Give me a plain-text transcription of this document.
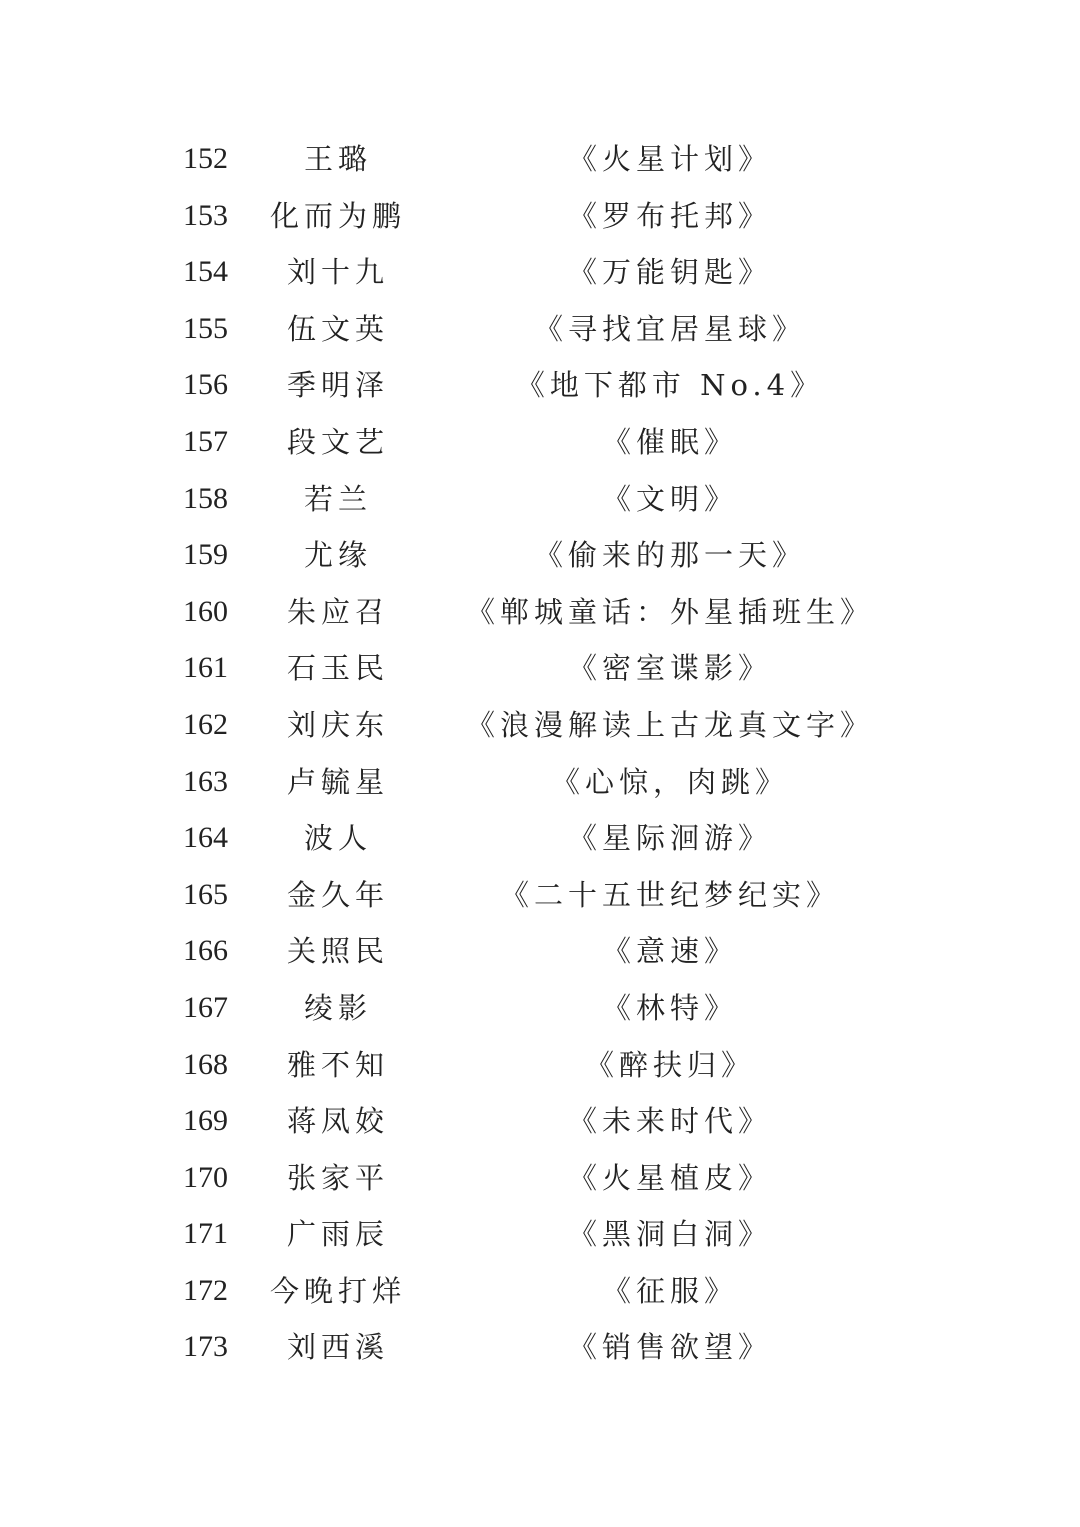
152	王璐	《火星计划》
153	化而为鹏	《罗布托邦》
154	刘十九	《万能钥匙》
155	伍文英	《寻找宜居星球》
156	季明泽	《地下都市 No.4》
157	段文艺	《催眠》
158	若兰	《文明》
159	尤缘	《偷来的那一天》
160	朱应召	《郸城童话：外星插班生》
161	石玉民	《密室谍影》
162	刘庆东	《浪漫解读上古龙真文字》
163	卢毓星	《心惊，肉跳》
164	波人	《星际洄游》
165	金久年	《二十五世纪梦纪实》
166	关照民	《意速》
167	绫影	《林特》
168	雅不知	《醉扶归》
169	蒋凤姣	《未来时代》
170	张家平	《火星植皮》
171	广雨辰	《黑洞白洞》
172	今晚打烊	《征服》
173	刘西溪	《销售欲望》
